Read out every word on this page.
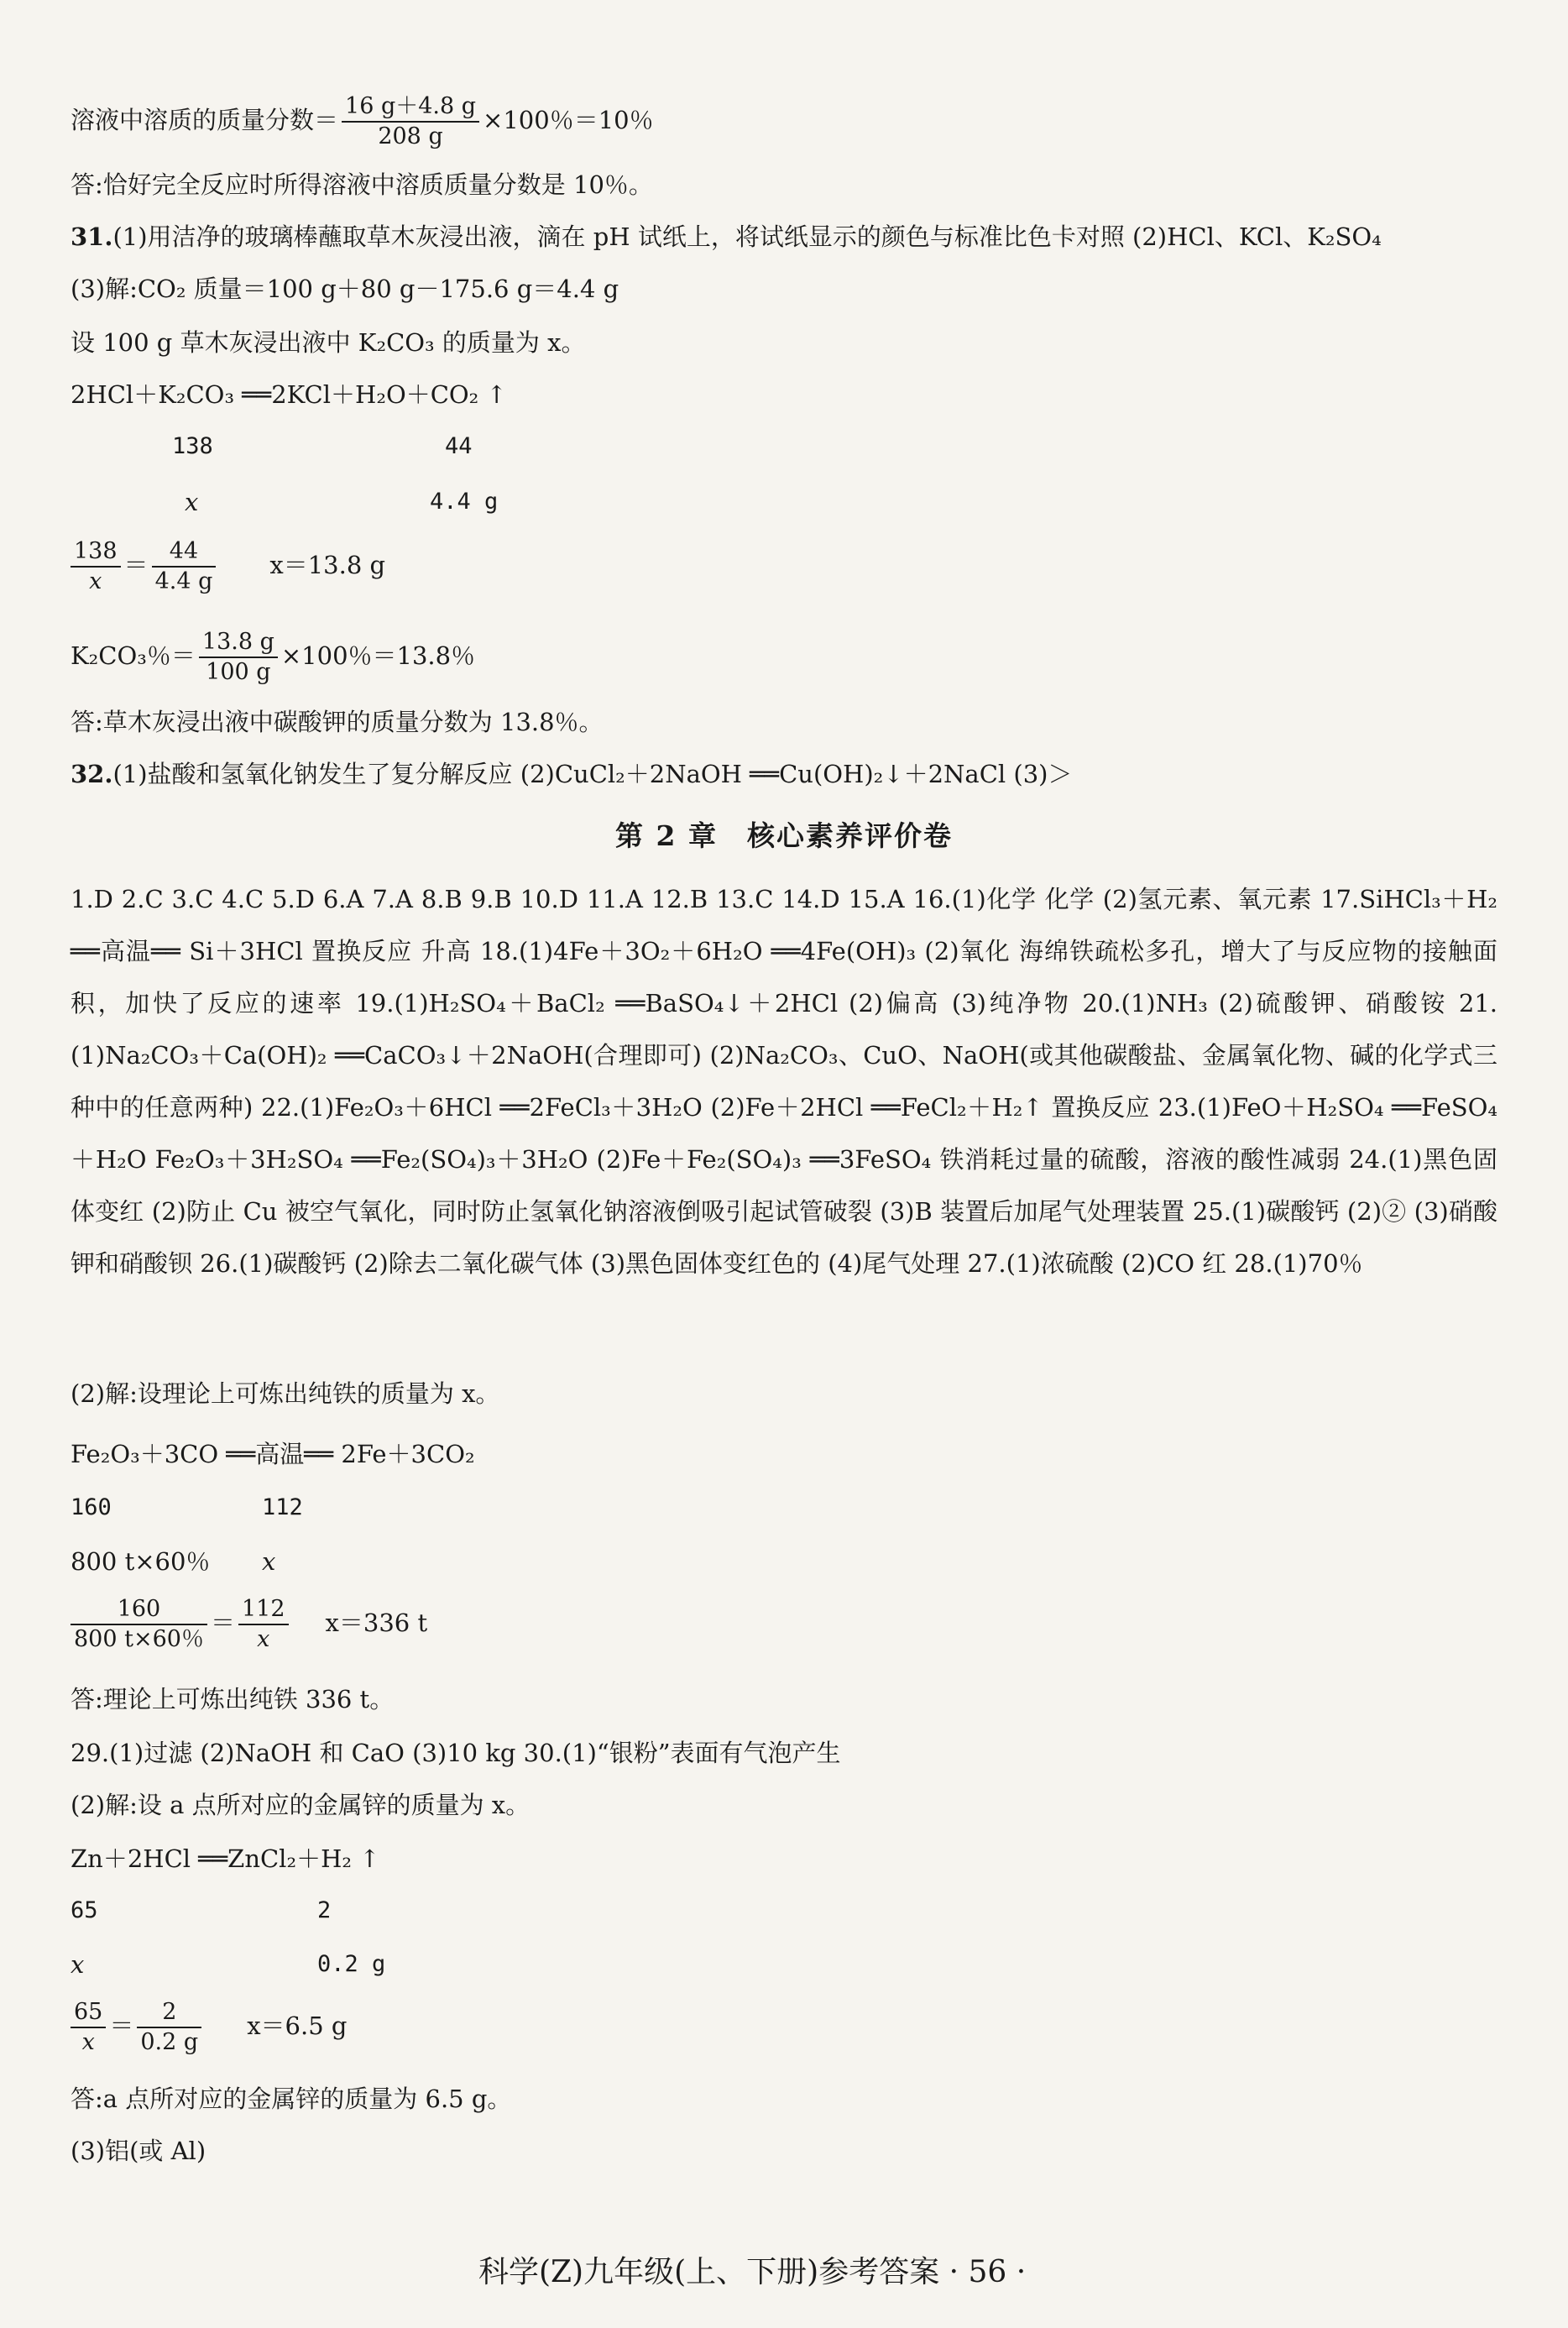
溶液中溶质的质量分数＝ $\frac{16 g+4.8 g}{208 g} \times 100$％＝10％
答:恰好完全反应时所得溶液中溶质质量分数是 10％。
31.(1)用洁净的玻璃棒蘸取草木灰浸出液，滴在 pH 试纸上，将试纸显示的颜色与标准比色卡对照 (2)HCl、KCl、K₂SO₄
(3)解:CO₂ 质量＝100 g＋80 g－175.6 g＝4.4 g
设 100 g 草木灰浸出液中 K₂CO₃ 的质量为 x。
2HCl＋K₂CO₃ ══2KCl＋H₂O＋CO₂ ↑
138	44
x	4.4 g
$\frac{138}{x} = \frac{44}{4.4 g} x=13.8$ g
K₂CO₃％＝ $\frac{13.8 g}{100 g} \times 100$％＝13.8％
答:草木灰浸出液中碳酸钾的质量分数为 13.8％。
32.(1)盐酸和氢氧化钠发生了复分解反应 (2)CuCl₂＋2NaOH ══Cu(OH)₂↓＋2NaCl (3)＞
第 2 章　核心素养评价卷
1.D 2.C 3.C 4.C 5.D 6.A 7.A 8.B 9.B 10.D 11.A 12.B 13.C 14.D 15.A 16.(1)化学 化学 (2)氢元素、氧元素 17.SiHCl₃＋H₂ ══高温══ Si＋3HCl 置换反应 升高 18.(1)4Fe＋3O₂＋6H₂O ══4Fe(OH)₃ (2)氧化 海绵铁疏松多孔，增大了与反应物的接触面积，加快了反应的速率 19.(1)H₂SO₄＋BaCl₂ ══BaSO₄↓＋2HCl (2)偏高 (3)纯净物 20.(1)NH₃ (2)硫酸钾、硝酸铵 21.(1)Na₂CO₃＋Ca(OH)₂ ══CaCO₃↓＋2NaOH(合理即可) (2)Na₂CO₃、CuO、NaOH(或其他碳酸盐、金属氧化物、碱的化学式三种中的任意两种) 22.(1)Fe₂O₃＋6HCl ══2FeCl₃＋3H₂O (2)Fe＋2HCl ══FeCl₂＋H₂↑ 置换反应 23.(1)FeO＋H₂SO₄ ══FeSO₄＋H₂O Fe₂O₃＋3H₂SO₄ ══Fe₂(SO₄)₃＋3H₂O (2)Fe＋Fe₂(SO₄)₃ ══3FeSO₄ 铁消耗过量的硫酸，溶液的酸性减弱 24.(1)黑色固体变红 (2)防止 Cu 被空气氧化，同时防止氢氧化钠溶液倒吸引起试管破裂 (3)B 装置后加尾气处理装置 25.(1)碳酸钙 (2)② (3)硝酸钾和硝酸钡 26.(1)碳酸钙 (2)除去二氧化碳气体 (3)黑色固体变红色的 (4)尾气处理 27.(1)浓硫酸 (2)CO 红 28.(1)70％
(2)解:设理论上可炼出纯铁的质量为 x。
Fe₂O₃＋3CO ══高温══ 2Fe＋3CO₂
160	112
800 t×60％ x
$\frac{160}{800 t\times 60\%} = \frac{112}{x} x=336$ t
答:理论上可炼出纯铁 336 t。
29.(1)过滤 (2)NaOH 和 CaO (3)10 kg 30.(1)“银粉”表面有气泡产生
(2)解:设 a 点所对应的金属锌的质量为 x。
Zn＋2HCl ══ZnCl₂＋H₂ ↑
65	2
x	0.2 g
$\frac{65}{x} = \frac{2}{0.2 g} x=6.5$ g
答:a 点所对应的金属锌的质量为 6.5 g。
(3)铝(或 Al)
科学(Z)九年级(上、下册)参考答案 · 56 ·
